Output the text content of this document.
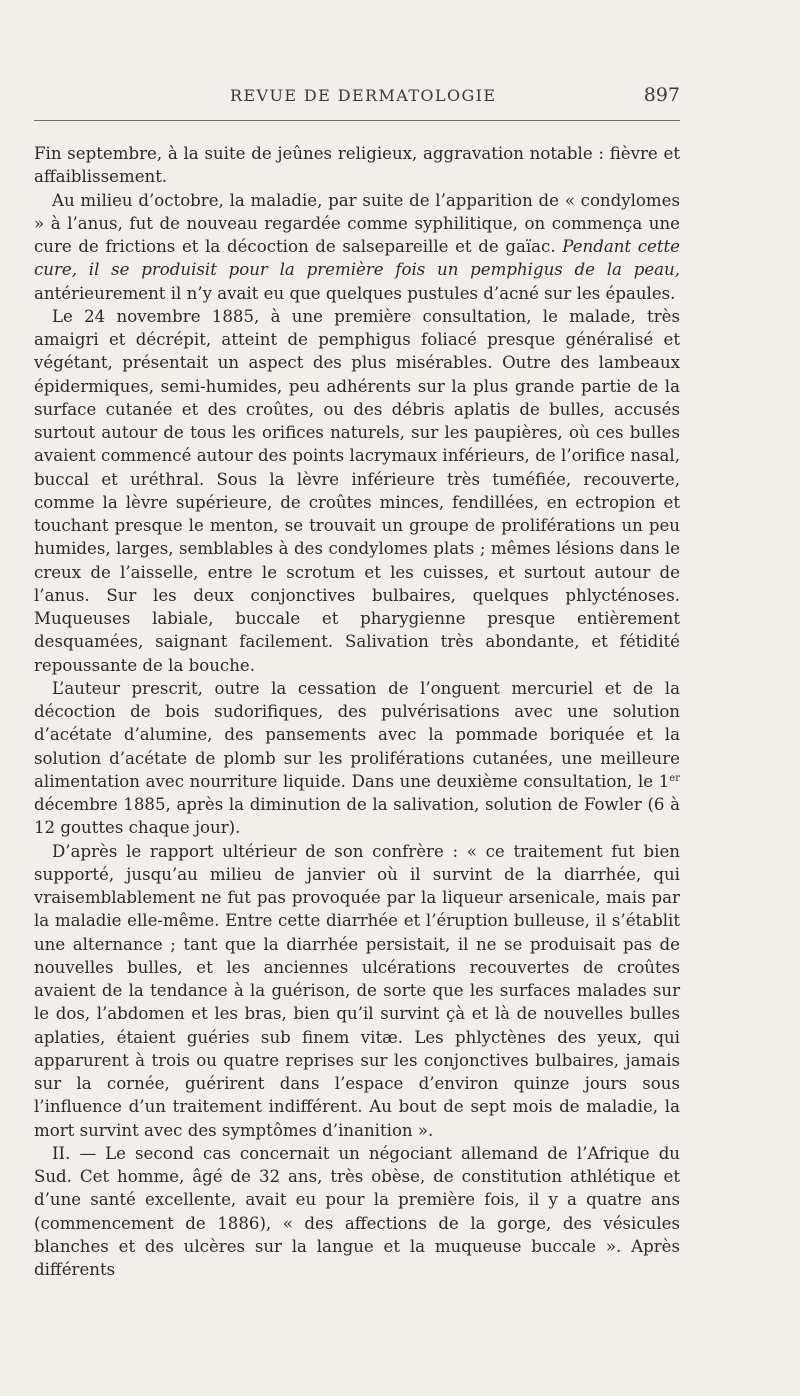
REVUE DE DERMATOLOGIE	897

Fin septembre, à la suite de jeûnes religieux, aggravation notable : fièvre et affaiblissement.

Au milieu d’octobre, la maladie, par suite de l’apparition de « condylomes » à l’anus, fut de nouveau regardée comme syphilitique, on commença une cure de frictions et la décoction de salsepareille et de gaïac. Pendant cette cure, il se produisit pour la première fois un pemphigus de la peau, antérieurement il n’y avait eu que quelques pustules d’acné sur les épaules.

Le 24 novembre 1885, à une première consultation, le malade, très amaigri et décrépit, atteint de pemphigus foliacé presque généralisé et végétant, présentait un aspect des plus misérables. Outre des lambeaux épidermiques, semi-humides, peu adhérents sur la plus grande partie de la surface cutanée et des croûtes, ou des débris aplatis de bulles, accusés surtout autour de tous les orifices naturels, sur les paupières, où ces bulles avaient commencé autour des points lacrymaux inférieurs, de l’orifice nasal, buccal et uréthral. Sous la lèvre inférieure très tuméfiée, recouverte, comme la lèvre supérieure, de croûtes minces, fendillées, en ectropion et touchant presque le menton, se trouvait un groupe de proliférations un peu humides, larges, semblables à des condylomes plats ; mêmes lésions dans le creux de l’aisselle, entre le scrotum et les cuisses, et surtout autour de l’anus. Sur les deux conjonctives bulbaires, quelques phlycténoses. Muqueuses labiale, buccale et pharygienne presque entièrement desquamées, saignant facilement. Salivation très abondante, et fétidité repoussante de la bouche.

L’auteur prescrit, outre la cessation de l’onguent mercuriel et de la décoction de bois sudorifiques, des pulvérisations avec une solution d’acétate d’alumine, des pansements avec la pommade boriquée et la solution d’acétate de plomb sur les proliférations cutanées, une meilleure alimentation avec nourriture liquide. Dans une deuxième consultation, le 1er décembre 1885, après la diminution de la salivation, solution de Fowler (6 à 12 gouttes chaque jour).

D’après le rapport ultérieur de son confrère : « ce traitement fut bien supporté, jusqu’au milieu de janvier où il survint de la diarrhée, qui vraisemblablement ne fut pas provoquée par la liqueur arsenicale, mais par la maladie elle-même. Entre cette diarrhée et l’éruption bulleuse, il s’établit une alternance ; tant que la diarrhée persistait, il ne se produisait pas de nouvelles bulles, et les anciennes ulcérations recouvertes de croûtes avaient de la tendance à la guérison, de sorte que les surfaces malades sur le dos, l’abdomen et les bras, bien qu’il survint çà et là de nouvelles bulles aplaties, étaient guéries sub finem vitæ. Les phlyctènes des yeux, qui apparurent à trois ou quatre reprises sur les conjonctives bulbaires, jamais sur la cornée, guérirent dans l’espace d’environ quinze jours sous l’influence d’un traitement indifférent. Au bout de sept mois de maladie, la mort survint avec des symptômes d’inanition ».

II. — Le second cas concernait un négociant allemand de l’Afrique du Sud. Cet homme, âgé de 32 ans, très obèse, de constitution athlétique et d’une santé excellente, avait eu pour la première fois, il y a quatre ans (commencement de 1886), « des affections de la gorge, des vésicules blanches et des ulcères sur la langue et la muqueuse buccale ». Après différents
